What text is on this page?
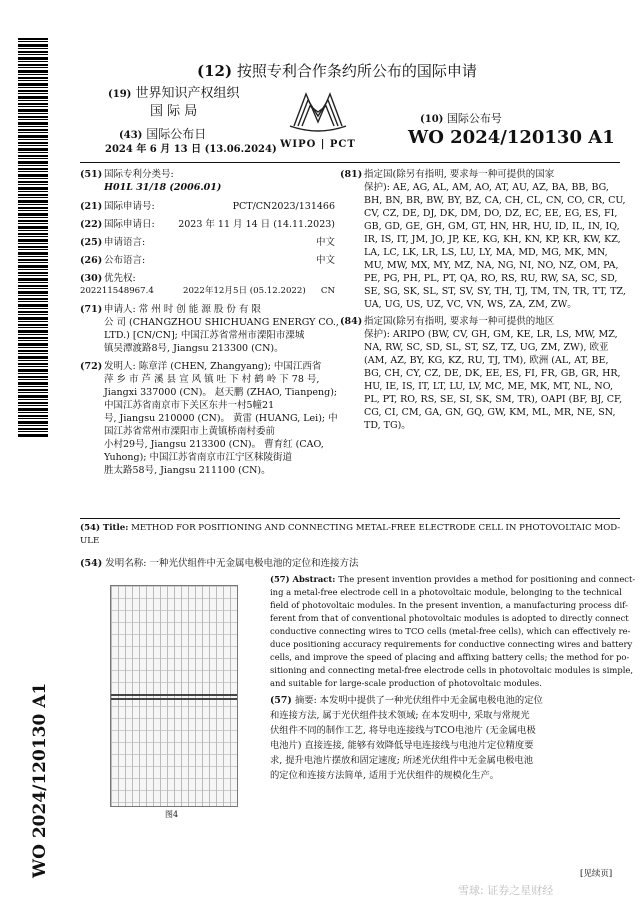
WO 2024/120130 A1
(12) 按照专利合作条约所公布的国际申请
(19) 世界知识产权组织
国 际 局
(43) 国际公布日
2024 年 6 月 13 日 (13.06.2024) WIPO | PCT
(10) 国际公布号
WO 2024/120130 A1
(51) 国际专利分类号:
H01L 31/18 (2006.01)
(21) 国际申请号:	PCT/CN2023/131466
(22) 国际申请日: 2023 年 11 月 14 日 (14.11.2023)
(25) 申请语言:	中文
(26) 公布语言:	中文
(30) 优先权:
202211548967.4	2022年12月5日 (05.12.2022) CN
(71) 申请人: 常 州 时 创 能 源 股 份 有 限
公 司 (CHANGZHOU SHICHUANG ENERGY CO.,
LTD.) [CN/CN]; 中国江苏省常州市溧阳市溧城
镇吴潭渡路8号, Jiangsu 213300 (CN)。
(72) 发明人: 陈章洋 (CHEN, Zhangyang); 中国江西省
萍 乡 市 芦 溪 县 宣 风 镇 吐 下 村 鹤 岭 下 78 号,
Jiangxi 337000 (CN)。 赵天鹏 (ZHAO, Tianpeng);
中国江苏省南京市下关区东井一村5幢21
号, Jiangsu 210000 (CN)。 黄雷 (HUANG, Lei); 中
国江苏省常州市溧阳市上黄镇桥南村委前
小村29号, Jiangsu 213300 (CN)。 曹育红 (CAO,
Yuhong); 中国江苏省南京市江宁区秣陵街道
胜太路58号, Jiangsu 211100 (CN)。
(81) 指定国(除另有指明, 要求每一种可提供的国家
保护): AE, AG, AL, AM, AO, AT, AU, AZ, BA, BB, BG,
BH, BN, BR, BW, BY, BZ, CA, CH, CL, CN, CO, CR, CU,
CV, CZ, DE, DJ, DK, DM, DO, DZ, EC, EE, EG, ES, FI,
GB, GD, GE, GH, GM, GT, HN, HR, HU, ID, IL, IN, IQ,
IR, IS, IT, JM, JO, JP, KE, KG, KH, KN, KP, KR, KW, KZ,
LA, LC, LK, LR, LS, LU, LY, MA, MD, MG, MK, MN,
MU, MW, MX, MY, MZ, NA, NG, NI, NO, NZ, OM, PA,
PE, PG, PH, PL, PT, QA, RO, RS, RU, RW, SA, SC, SD,
SE, SG, SK, SL, ST, SV, SY, TH, TJ, TM, TN, TR, TT, TZ,
UA, UG, US, UZ, VC, VN, WS, ZA, ZM, ZW。
(84) 指定国(除另有指明, 要求每一种可提供的地区
保护): ARIPO (BW, CV, GH, GM, KE, LR, LS, MW, MZ,
NA, RW, SC, SD, SL, ST, SZ, TZ, UG, ZM, ZW), 欧亚
(AM, AZ, BY, KG, KZ, RU, TJ, TM), 欧洲 (AL, AT, BE,
BG, CH, CY, CZ, DE, DK, EE, ES, FI, FR, GB, GR, HR,
HU, IE, IS, IT, LT, LU, LV, MC, ME, MK, MT, NL, NO,
PL, PT, RO, RS, SE, SI, SK, SM, TR), OAPI (BF, BJ, CF,
CG, CI, CM, GA, GN, GQ, GW, KM, ML, MR, NE, SN,
TD, TG)。
(54) Title: METHOD FOR POSITIONING AND CONNECTING METAL-FREE ELECTRODE CELL IN PHOTOVOLTAIC MOD-
ULE
(54) 发明名称: 一种光伏组件中无金属电极电池的定位和连接方法
图4
(57) Abstract: The present invention provides a method for positioning and connect-
ing a metal-free electrode cell in a photovoltaic module, belonging to the technical
field of photovoltaic modules. In the present invention, a manufacturing process dif-
ferent from that of conventional photovoltaic modules is adopted to directly connect
conductive connecting wires to TCO cells (metal-free cells), which can effectively re-
duce positioning accuracy requirements for conductive connecting wires and battery
cells, and improve the speed of placing and affixing battery cells; the method for po-
sitioning and connecting metal-free electrode cells in photovoltaic modules is simple,
and suitable for large-scale production of photovoltaic modules.
(57) 摘要: 本发明中提供了一种光伏组件中无金属电极电池的定位
和连接方法, 属于光伏组件技术领域; 在本发明中, 采取与常规光
伏组件不同的制作工艺, 将导电连接线与TCO电池片 (无金属电极
电池片) 直接连接, 能够有效降低导电连接线与电池片定位精度要
求, 提升电池片摆放和固定速度; 所述光伏组件中无金属电极电池
的定位和连接方法简单, 适用于光伏组件的规模化生产。
[见续页]
雪球: 证券之星财经
